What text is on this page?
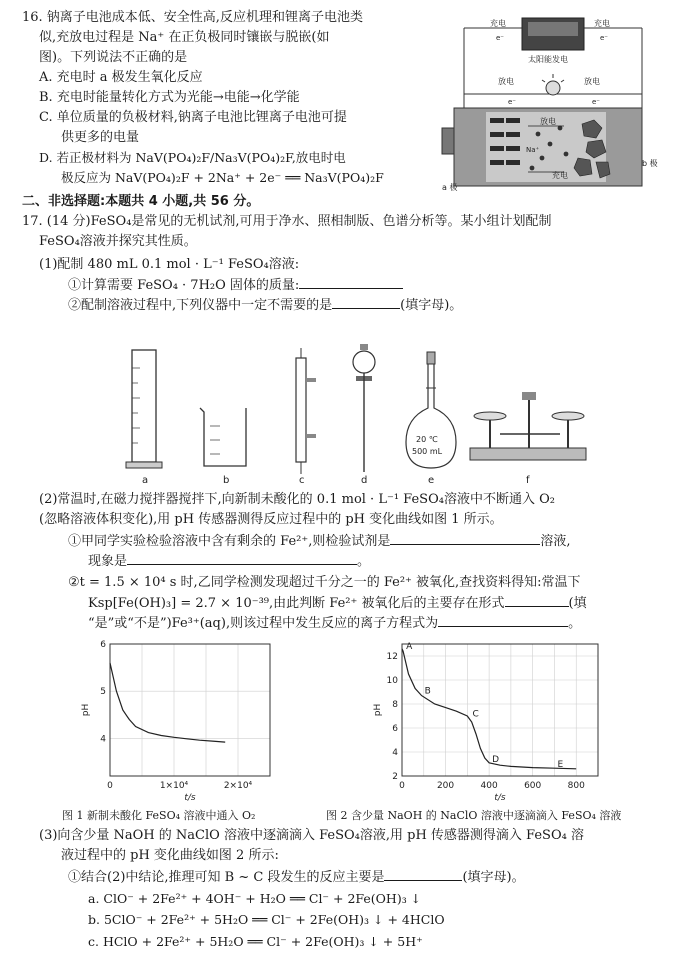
16. 钠离子电池成本低、安全性高,反应机理和锂离子电池类
似,充放电过程是 Na⁺ 在正负极同时镶嵌与脱嵌(如
图)。下列说法不正确的是
A. 充电时 a 极发生氧化反应
B. 充电时能量转化方式为光能→电能→化学能
C. 单位质量的负极材料,钠离子电池比锂离子电池可提
供更多的电量
D. 若正极材料为 NaV(PO₄)₂F/Na₃V(PO₄)₂F,放电时电
极反应为 NaV(PO₄)₂F + 2Na⁺ + 2e⁻ ══ Na₃V(PO₄)₂F
充电	充电
e⁻	e⁻
太阳能发电
放电	放电
e⁻	e⁻
放电
Na⁺
充电
a 极
b 极
二、非选择题:本题共 4 小题,共 56 分。
17. (14 分)FeSO₄是常见的无机试剂,可用于净水、照相制版、色谱分析等。某小组计划配制
FeSO₄溶液并探究其性质。
(1)配制 480 mL 0.1 mol · L⁻¹ FeSO₄溶液:
①计算需要 FeSO₄ · 7H₂O 固体的质量:
②配制溶液过程中,下列仪器中一定不需要的是	(填字母)。
20 ℃
500 mL
a	b	c	d	e	f
(2)常温时,在磁力搅拌器搅拌下,向新制未酸化的 0.1 mol · L⁻¹ FeSO₄溶液中不断通入 O₂
(忽略溶液体积变化),用 pH 传感器测得反应过程中的 pH 变化曲线如图 1 所示。
①甲同学实验检验溶液中含有剩余的 Fe²⁺,则检验试剂是	溶液,
现象是	。
②t = 1.5 × 10⁴ s 时,乙同学检测发现超过千分之一的 Fe²⁺ 被氧化,查找资料得知:常温下
Ksp[Fe(OH)₃] = 2.7 × 10⁻³⁹,由此判断 Fe²⁺ 被氧化后的主要存在形式	(填
“是”或“不是”)Fe³⁺(aq),则该过程中发生反应的离子方程式为	。
0	1×10⁴	2×10⁴
4
5
6
t/s
pH
0	200	400	600	800
2
4
6
8
10
12
t/s
pH
A
B
C
D	E
图 1 新制未酸化 FeSO₄ 溶液中通入 O₂	图 2 含少量 NaOH 的 NaClO 溶液中逐滴滴入 FeSO₄ 溶液
(3)向含少量 NaOH 的 NaClO 溶液中逐滴滴入 FeSO₄溶液,用 pH 传感器测得滴入 FeSO₄ 溶
液过程中的 pH 变化曲线如图 2 所示:
①结合(2)中结论,推理可知 B ~ C 段发生的反应主要是	(填字母)。
a. ClO⁻ + 2Fe²⁺ + 4OH⁻ + H₂O ══ Cl⁻ + 2Fe(OH)₃ ↓
b. 5ClO⁻ + 2Fe²⁺ + 5H₂O ══ Cl⁻ + 2Fe(OH)₃ ↓ + 4HClO
c. HClO + 2Fe²⁺ + 5H₂O ══ Cl⁻ + 2Fe(OH)₃ ↓ + 5H⁺
